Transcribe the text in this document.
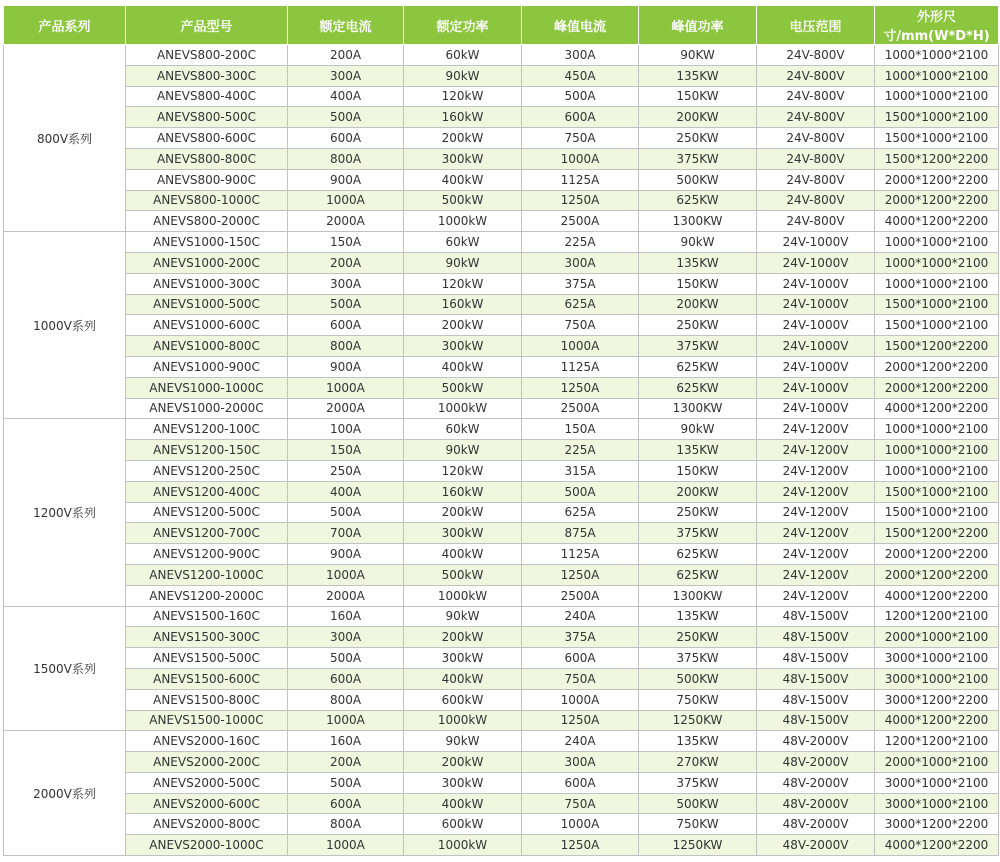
产品系列	产品型号	额定电流	额定功率	峰值电流	峰值功率	电压范围	外形尺寸/mm(W*D*H)
800V系列	ANEVS800-200C	200A	60kW	300A	90KW	24V-800V	1000*1000*2100
	ANEVS800-300C	300A	90kW	450A	135KW	24V-800V	1000*1000*2100
	ANEVS800-400C	400A	120kW	500A	150KW	24V-800V	1000*1000*2100
	ANEVS800-500C	500A	160kW	600A	200KW	24V-800V	1500*1000*2100
	ANEVS800-600C	600A	200kW	750A	250KW	24V-800V	1500*1000*2100
	ANEVS800-800C	800A	300kW	1000A	375KW	24V-800V	1500*1200*2200
	ANEVS800-900C	900A	400kW	1125A	500KW	24V-800V	2000*1200*2200
	ANEVS800-1000C	1000A	500kW	1250A	625KW	24V-800V	2000*1200*2200
	ANEVS800-2000C	2000A	1000kW	2500A	1300KW	24V-800V	4000*1200*2200
1000V系列	ANEVS1000-150C	150A	60kW	225A	90kW	24V-1000V	1000*1000*2100
	ANEVS1000-200C	200A	90kW	300A	135KW	24V-1000V	1000*1000*2100
	ANEVS1000-300C	300A	120kW	375A	150KW	24V-1000V	1000*1000*2100
	ANEVS1000-500C	500A	160kW	625A	200KW	24V-1000V	1500*1000*2100
	ANEVS1000-600C	600A	200kW	750A	250KW	24V-1000V	1500*1000*2100
	ANEVS1000-800C	800A	300kW	1000A	375KW	24V-1000V	1500*1200*2200
	ANEVS1000-900C	900A	400kW	1125A	625KW	24V-1000V	2000*1200*2200
	ANEVS1000-1000C	1000A	500kW	1250A	625KW	24V-1000V	2000*1200*2200
	ANEVS1000-2000C	2000A	1000kW	2500A	1300KW	24V-1000V	4000*1200*2200
1200V系列	ANEVS1200-100C	100A	60kW	150A	90kW	24V-1200V	1000*1000*2100
	ANEVS1200-150C	150A	90kW	225A	135KW	24V-1200V	1000*1000*2100
	ANEVS1200-250C	250A	120kW	315A	150KW	24V-1200V	1000*1000*2100
	ANEVS1200-400C	400A	160kW	500A	200KW	24V-1200V	1500*1000*2100
	ANEVS1200-500C	500A	200kW	625A	250KW	24V-1200V	1500*1000*2100
	ANEVS1200-700C	700A	300kW	875A	375KW	24V-1200V	1500*1200*2200
	ANEVS1200-900C	900A	400kW	1125A	625KW	24V-1200V	2000*1200*2200
	ANEVS1200-1000C	1000A	500kW	1250A	625KW	24V-1200V	2000*1200*2200
	ANEVS1200-2000C	2000A	1000kW	2500A	1300KW	24V-1200V	4000*1200*2200
1500V系列	ANEVS1500-160C	160A	90kW	240A	135KW	48V-1500V	1200*1200*2100
	ANEVS1500-300C	300A	200kW	375A	250KW	48V-1500V	2000*1000*2100
	ANEVS1500-500C	500A	300kW	600A	375KW	48V-1500V	3000*1000*2100
	ANEVS1500-600C	600A	400kW	750A	500KW	48V-1500V	3000*1000*2100
	ANEVS1500-800C	800A	600kW	1000A	750KW	48V-1500V	3000*1200*2200
	ANEVS1500-1000C	1000A	1000kW	1250A	1250KW	48V-1500V	4000*1200*2200
2000V系列	ANEVS2000-160C	160A	90kW	240A	135KW	48V-2000V	1200*1200*2100
	ANEVS2000-200C	200A	200kW	300A	270KW	48V-2000V	2000*1000*2100
	ANEVS2000-500C	500A	300kW	600A	375KW	48V-2000V	3000*1000*2100
	ANEVS2000-600C	600A	400kW	750A	500KW	48V-2000V	3000*1000*2100
	ANEVS2000-800C	800A	600kW	1000A	750KW	48V-2000V	3000*1200*2200
	ANEVS2000-1000C	1000A	1000kW	1250A	1250KW	48V-2000V	4000*1200*2200
